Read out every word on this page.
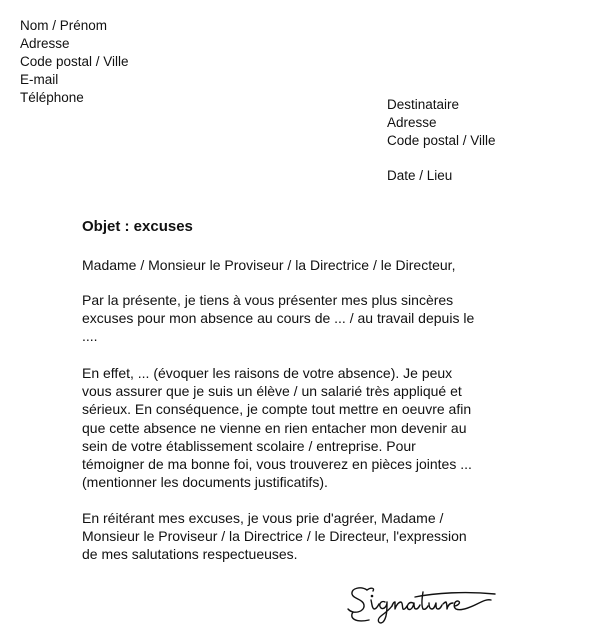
Nom / Prénom
Adresse
Code postal / Ville
E-mail
Téléphone	Destinataire
Adresse
Code postal / Ville
Date / Lieu
Objet : excuses
Madame / Monsieur le Proviseur / la Directrice / le Directeur,
Par la présente, je tiens à vous présenter mes plus sincères
excuses pour mon absence au cours de ... / au travail depuis le
....
En effet, ... (évoquer les raisons de votre absence). Je peux
vous assurer que je suis un élève / un salarié très appliqué et
sérieux. En conséquence, je compte tout mettre en oeuvre afin
que cette absence ne vienne en rien entacher mon devenir au
sein de votre établissement scolaire / entreprise. Pour
témoigner de ma bonne foi, vous trouverez en pièces jointes ...
(mentionner les documents justificatifs).
En réitérant mes excuses, je vous prie d'agréer, Madame /
Monsieur le Proviseur / la Directrice / le Directeur, l'expression
de mes salutations respectueuses.
